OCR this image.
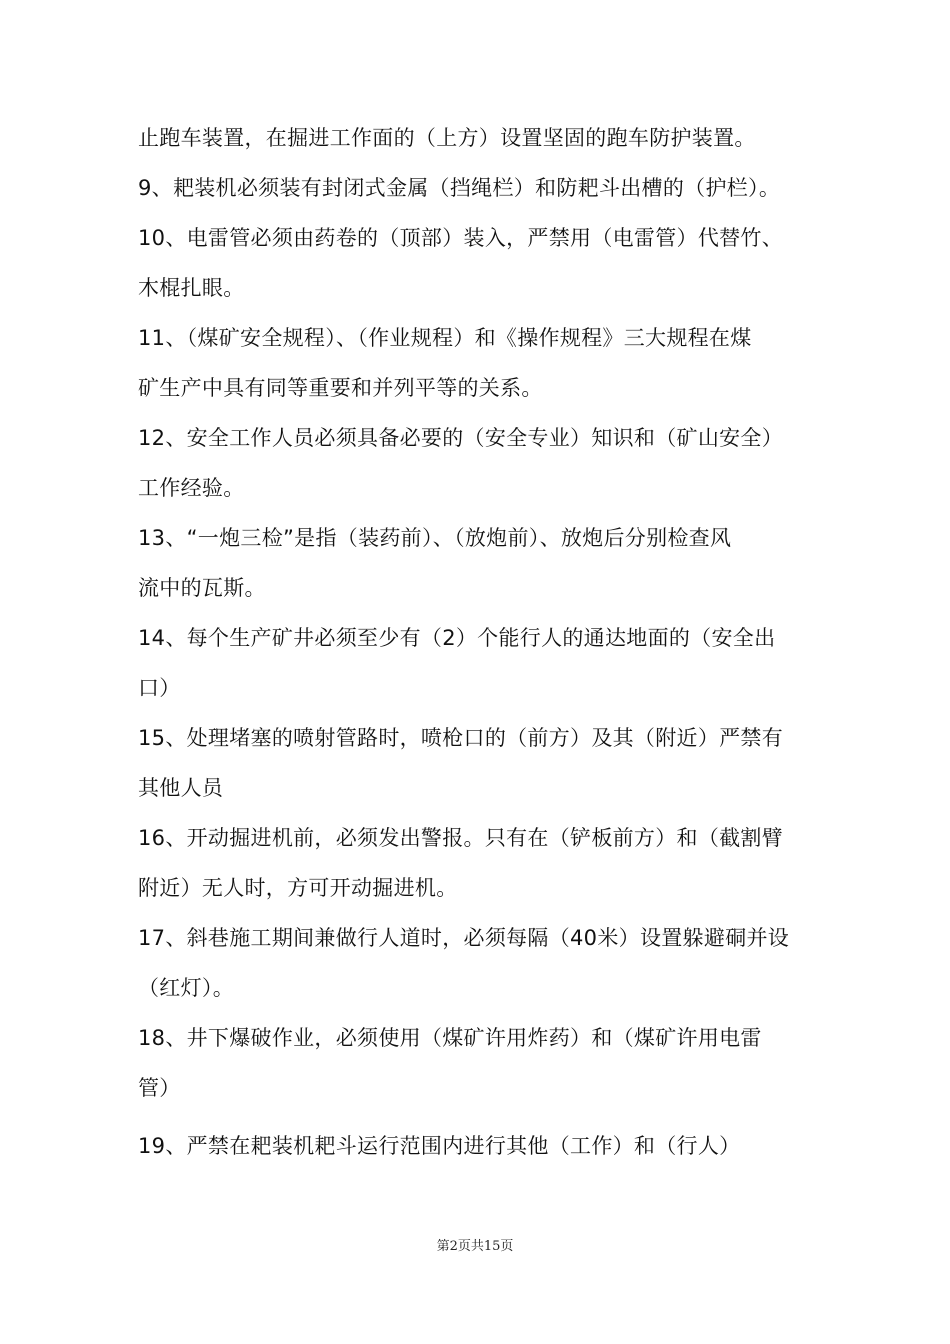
止跑车装置，在掘进工作面的（上方）设置坚固的跑车防护装置。
9、耙装机必须装有封闭式金属（挡绳栏）和防耙斗出槽的（护栏）。
10、电雷管必须由药卷的（顶部）装入，严禁用（电雷管）代替竹、
木棍扎眼。
11、（煤矿安全规程）、（作业规程）和《操作规程》三大规程在煤
矿生产中具有同等重要和并列平等的关系。
12、安全工作人员必须具备必要的（安全专业）知识和（矿山安全）
工作经验。
13、“一炮三检”是指（装药前）、（放炮前）、放炮后分别检查风
流中的瓦斯。
14、每个生产矿井必须至少有（2）个能行人的通达地面的（安全出
口）
15、处理堵塞的喷射管路时，喷枪口的（前方）及其（附近）严禁有
其他人员
16、开动掘进机前，必须发出警报。只有在（铲板前方）和（截割臂
附近）无人时，方可开动掘进机。
17、斜巷施工期间兼做行人道时，必须每隔（40米）设置躲避硐并设
（红灯）。
18、井下爆破作业，必须使用（煤矿许用炸药）和（煤矿许用电雷
管）
19、严禁在耙装机耙斗运行范围内进行其他（工作）和（行人）
第2页共15页
